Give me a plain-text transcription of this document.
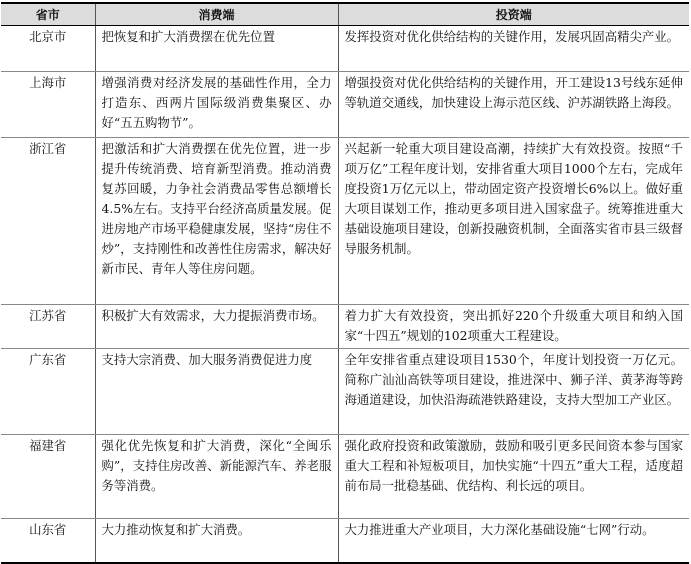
省市	消费端	投资端
北京市	把恢复和扩大消费摆在优先位置	发挥投资对优化供给结构的关键作用，发展巩固高精尖产业。
上海市	增强消费对经济发展的基础性作用，全力打造东、西两片国际级消费集聚区、办好“五五购物节”。	增强投资对优化供给结构的关键作用，开工建设13号线东延伸等轨道交通线，加快建设上海示范区线、沪苏湖铁路上海段。
浙江省	把激活和扩大消费摆在优先位置，进一步提升传统消费、培育新型消费。推动消费复苏回暖，力争社会消费品零售总额增长4.5%左右。支持平台经济高质量发展。促进房地产市场平稳健康发展，坚持“房住不炒”，支持刚性和改善性住房需求，解决好新市民、青年人等住房问题。	兴起新一轮重大项目建设高潮，持续扩大有效投资。按照“千项万亿”工程年度计划，安排省重大项目1000个左右，完成年度投资1万亿元以上，带动固定资产投资增长6%以上。做好重大项目谋划工作，推动更多项目进入国家盘子。统筹推进重大基础设施项目建设，创新投融资机制，全面落实省市县三级督导服务机制。
江苏省	积极扩大有效需求，大力提振消费市场。	着力扩大有效投资，突出抓好220个升级重大项目和纳入国家“十四五”规划的102项重大工程建设。
广东省	支持大宗消费、加大服务消费促进力度	全年安排省重点建设项目1530个，年度计划投资一万亿元。简称广汕汕高铁等项目建设，推进深中、狮子洋、黄茅海等跨海通道建设，加快沿海疏港铁路建设，支持大型加工产业区。
福建省	强化优先恢复和扩大消费，深化“全闽乐购”，支持住房改善、新能源汽车、养老服务等消费。	强化政府投资和政策激励，鼓励和吸引更多民间资本参与国家重大工程和补短板项目，加快实施“十四五”重大工程，适度超前布局一批稳基础、优结构、利长远的项目。
山东省	大力推动恢复和扩大消费。	大力推进重大产业项目，大力深化基础设施“七网”行动。
